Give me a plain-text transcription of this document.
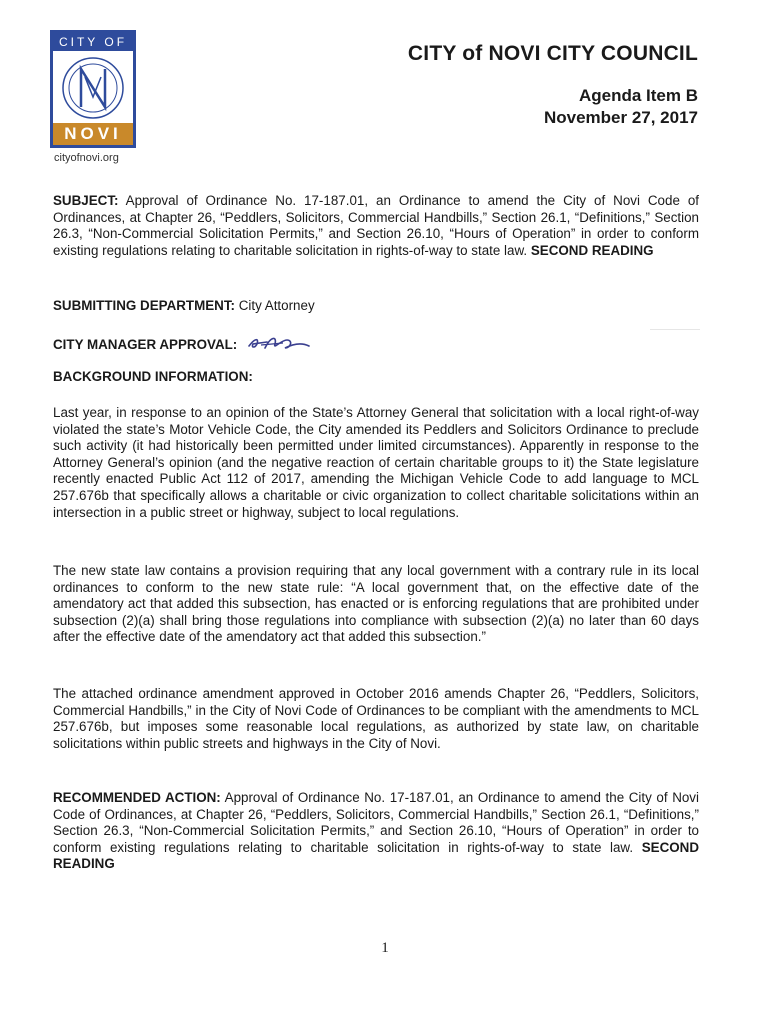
CITY OF
NOVI
cityofnovi.org
CITY of NOVI CITY COUNCIL
Agenda Item B
November 27, 2017
SUBJECT: Approval of Ordinance No. 17-187.01, an Ordinance to amend the City of Novi Code of Ordinances, at Chapter 26, “Peddlers, Solicitors, Commercial Handbills,” Section 26.1, “Definitions,” Section 26.3, “Non-Commercial Solicitation Permits,” and Section 26.10, “Hours of Operation” in order to conform existing regulations relating to charitable solicitation in rights-of-way to state law. SECOND READING
SUBMITTING DEPARTMENT: City Attorney
CITY MANAGER APPROVAL:
BACKGROUND INFORMATION:
Last year, in response to an opinion of the State’s Attorney General that solicitation with a local right-of-way violated the state’s Motor Vehicle Code, the City amended its Peddlers and Solicitors Ordinance to preclude such activity (it had historically been permitted under limited circumstances). Apparently in response to the Attorney General’s opinion (and the negative reaction of certain charitable groups to it) the State legislature recently enacted Public Act 112 of 2017, amending the Michigan Vehicle Code to add language to MCL 257.676b that specifically allows a charitable or civic organization to collect charitable solicitations within an intersection in a public street or highway, subject to local regulations.
The new state law contains a provision requiring that any local government with a contrary rule in its local ordinances to conform to the new state rule: “A local government that, on the effective date of the amendatory act that added this subsection, has enacted or is enforcing regulations that are prohibited under subsection (2)(a) shall bring those regulations into compliance with subsection (2)(a) no later than 60 days after the effective date of the amendatory act that added this subsection.”
The attached ordinance amendment approved in October 2016 amends Chapter 26, “Peddlers, Solicitors, Commercial Handbills,” in the City of Novi Code of Ordinances to be compliant with the amendments to MCL 257.676b, but imposes some reasonable local regulations, as authorized by state law, on charitable solicitations within public streets and highways in the City of Novi.
RECOMMENDED ACTION: Approval of Ordinance No. 17-187.01, an Ordinance to amend the City of Novi Code of Ordinances, at Chapter 26, “Peddlers, Solicitors, Commercial Handbills,” Section 26.1, “Definitions,” Section 26.3, “Non-Commercial Solicitation Permits,” and Section 26.10, “Hours of Operation” in order to conform existing regulations relating to charitable solicitation in rights-of-way to state law. SECOND READING
1
